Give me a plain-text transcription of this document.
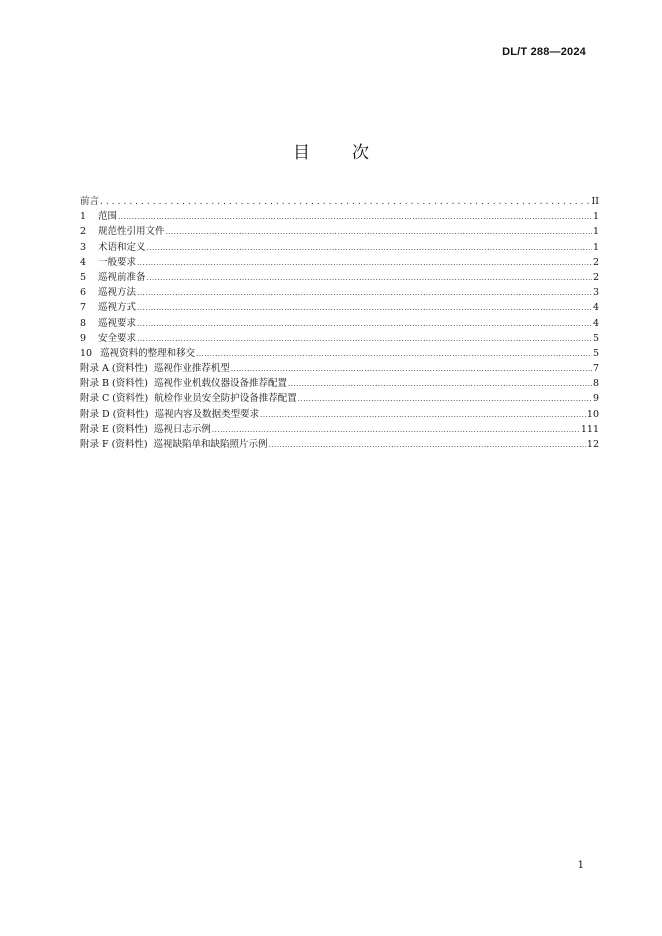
DL/T 288—2024
目 次
前言 .....	II
1 范围 .....	1
2 规范性引用文件 .....	1
3 术语和定义 .....	1
4 一般要求 .....	2
5 巡视前准备 .....	2
6 巡视方法 .....	3
7 巡视方式 .....	4
8 巡视要求 .....	4
9 安全要求 .....	5
10 巡视资料的整理和移交 .....	5
附录 A (资料性) 巡视作业推荐机型 .....	7
附录 B (资料性) 巡视作业机载仪器设备推荐配置 .....	8
附录 C (资料性) 航检作业员安全防护设备推荐配置 .....	9
附录 D (资料性) 巡视内容及数据类型要求 .....	10
附录 E (资料性) 巡视日志示例 .....	111
附录 F (资料性) 巡视缺陷单和缺陷照片示例 .....	12
1
